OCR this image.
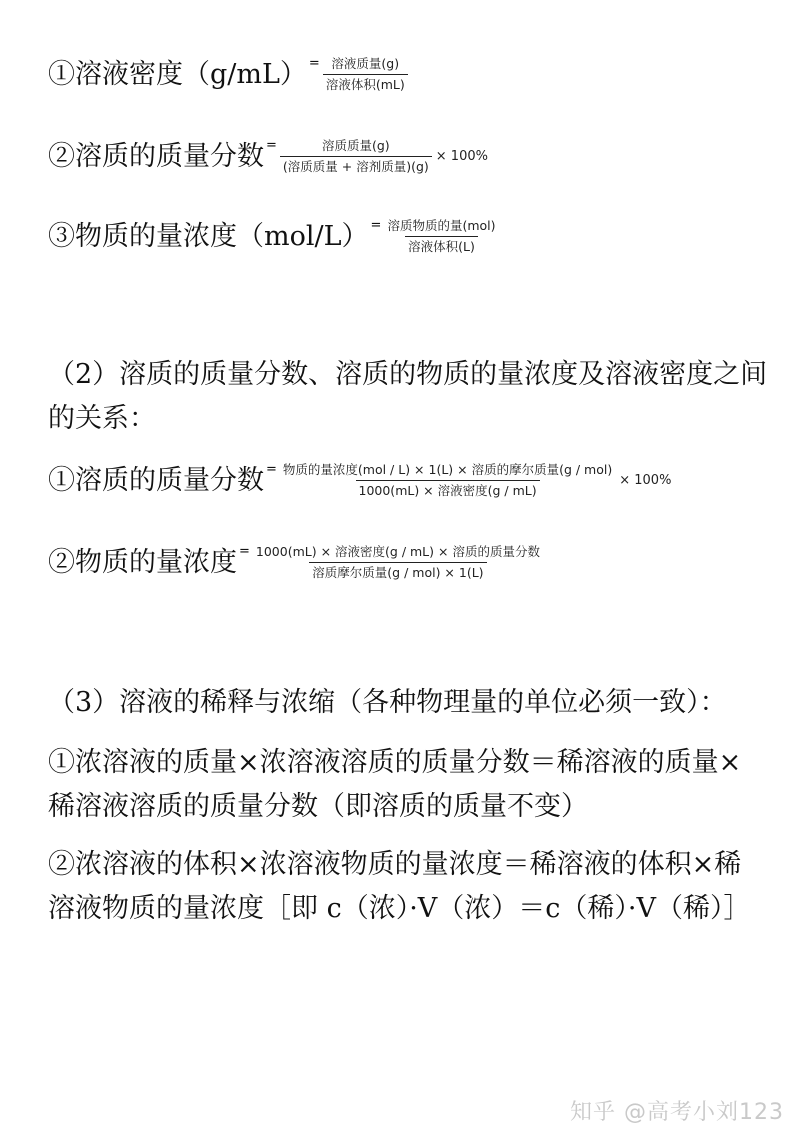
①溶液密度$(g/mL) = \frac{\text{溶液质量(g)}}{\text{溶液体积(mL)}}$
②溶质的质量分数 = $\frac{\text{溶质质量(g)}}{\text{(溶质质量 + 溶剂质量)(g)}} \times 100\%$
③物质的量浓度$(mol/L) = \frac{\text{溶质物质的量(mol)}}{\text{溶液体积(L)}}$
（2）溶质的质量分数、溶质的物质的量浓度及溶液密度之间
的关系：
①溶质的质量分数 = $\frac{\text{物质的量浓度(mol / L) × 1(L) × 溶质的摩尔质量(g / mol)}}{\text{1000(mL) × 溶液密度(g / mL)}} \times 100\%$
②物质的量浓度 = $\frac{\text{1000(mL) × 溶液密度(g / mL) × 溶质的质量分数}}{\text{溶质摩尔质量(g / mol) × 1(L)}}$
（3）溶液的稀释与浓缩（各种物理量的单位必须一致）：
①浓溶液的质量×浓溶液溶质的质量分数＝稀溶液的质量×
稀溶液溶质的质量分数（即溶质的质量不变）
②浓溶液的体积×浓溶液物质的量浓度＝稀溶液的体积×稀
溶液物质的量浓度［即 c（浓）·V（浓）＝c（稀）·V（稀）］
知乎 @高考小刘123
